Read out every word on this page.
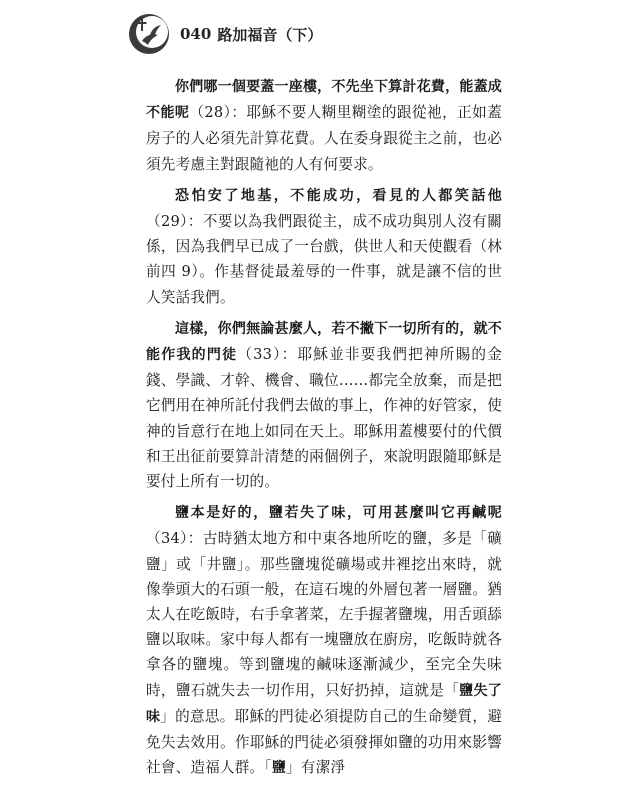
040 路加福音（下）

你們哪一個要蓋一座樓，不先坐下算計花費，能蓋成不能呢（28）：耶穌不要人糊里糊塗的跟從祂，正如蓋房子的人必須先計算花費。人在委身跟從主之前，也必須先考慮主對跟隨祂的人有何要求。

恐怕安了地基，不能成功，看見的人都笑話他（29）：不要以為我們跟從主，成不成功與別人沒有關係，因為我們早已成了一台戲，供世人和天使觀看（林前四 9）。作基督徒最羞辱的一件事，就是讓不信的世人笑話我們。

這樣，你們無論甚麼人，若不撇下一切所有的，就不能作我的門徒（33）：耶穌並非要我們把神所賜的金錢、學識、才幹、機會、職位……都完全放棄，而是把它們用在神所託付我們去做的事上，作神的好管家，使神的旨意行在地上如同在天上。耶穌用蓋樓要付的代價和王出征前要算計清楚的兩個例子，來說明跟隨耶穌是要付上所有一切的。

鹽本是好的，鹽若失了味，可用甚麼叫它再鹹呢（34）：古時猶太地方和中東各地所吃的鹽，多是「礦鹽」或「井鹽」。那些鹽塊從礦場或井裡挖出來時，就像拳頭大的石頭一般，在這石塊的外層包著一層鹽。猶太人在吃飯時，右手拿著菜，左手握著鹽塊，用舌頭舔鹽以取味。家中每人都有一塊鹽放在廚房，吃飯時就各拿各的鹽塊。等到鹽塊的鹹味逐漸減少，至完全失味時，鹽石就失去一切作用，只好扔掉，這就是「鹽失了味」的意思。耶穌的門徒必須提防自己的生命變質，避免失去效用。作耶穌的門徒必須發揮如鹽的功用來影響社會、造福人群。「鹽」有潔淨
